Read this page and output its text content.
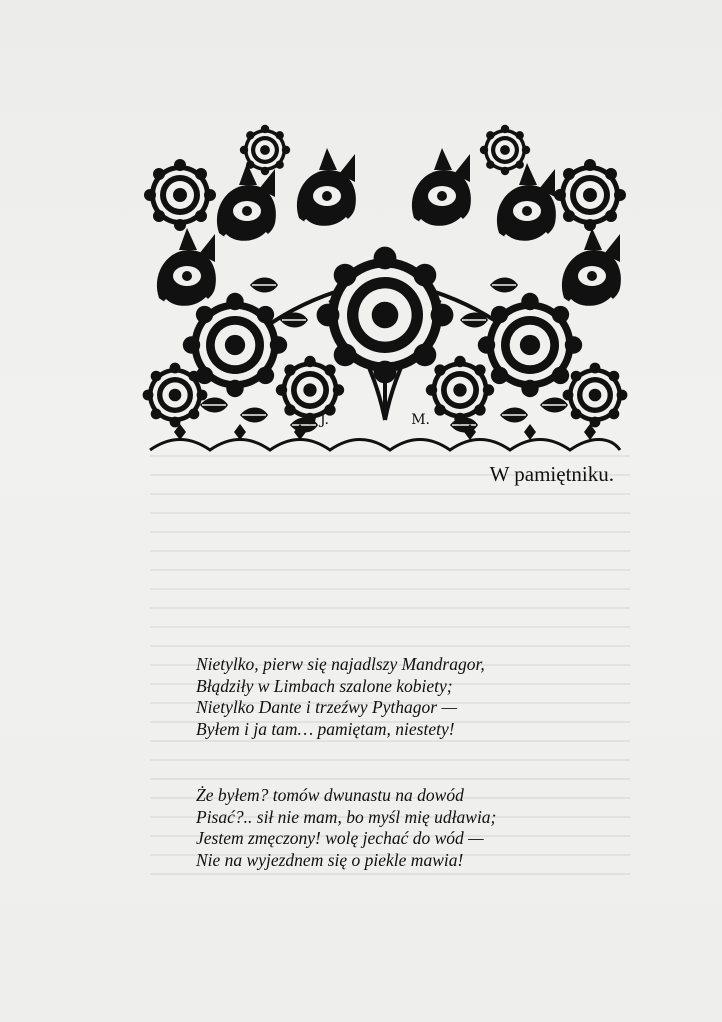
J.	M.
W pamiętniku.
Nietylko, pierw się najadlszy Mandragor,
Błądziły w Limbach szalone kobiety;
Nietylko Dante i trzeźwy Pythagor —
Byłem i ja tam… pamiętam, niestety!
Że byłem? tomów dwunastu na dowód
Pisać?.. sił nie mam, bo myśl mię udławia;
Jestem zmęczony! wolę jechać do wód —
Nie na wyjezdnem się o piekle mawia!
